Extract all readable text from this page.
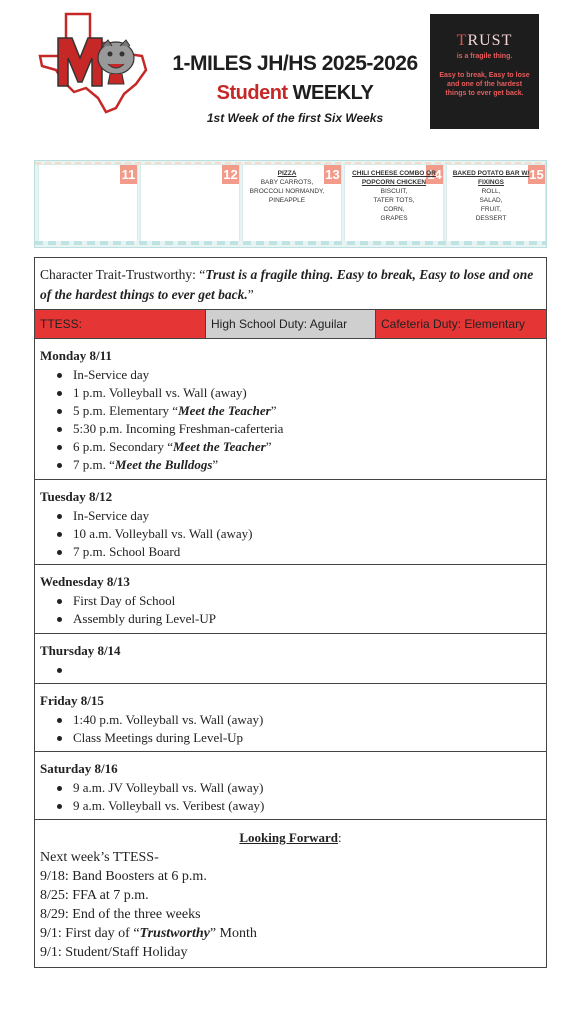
1-MILES JH/HS 2025-2026
Student WEEKLY
1st Week of the first Six Weeks
TRUST
is a fragile thing.
Easy to break, Easy to lose and one of the hardest things to ever get back.
11	12	13
PIZZA
BABY CARROTS,
BROCCOLI NORMANDY,
PINEAPPLE
14
CHILI CHEESE COMBO OR POPCORN CHICKEN
BISCUIT,
TATER TOTS,
CORN,
GRAPES
15
BAKED POTATO BAR W/ FIXINGS
ROLL,
SALAD,
FRUIT,
DESSERT
Character Trait-Trustworthy: “Trust is a fragile thing. Easy to break, Easy to lose and one of the hardest things to ever get back.”
TTESS:	High School Duty: Aguilar	Cafeteria Duty: Elementary
Monday 8/11
In-Service day
1 p.m. Volleyball vs. Wall (away)
5 p.m. Elementary “Meet the Teacher”
5:30 p.m. Incoming Freshman-caferteria
6 p.m. Secondary “Meet the Teacher”
7 p.m. “Meet the Bulldogs”
Tuesday 8/12
In-Service day
10 a.m. Volleyball vs. Wall (away)
7 p.m. School Board
Wednesday 8/13
First Day of School
Assembly during Level-UP
Thursday 8/14
Friday 8/15
1:40 p.m. Volleyball vs. Wall (away)
Class Meetings during Level-Up
Saturday 8/16
9 a.m. JV Volleyball vs. Wall (away)
9 a.m. Volleyball vs. Veribest (away)
Looking Forward:
Next week’s TTESS-
9/18: Band Boosters at 6 p.m.
8/25: FFA at 7 p.m.
8/29: End of the three weeks
9/1: First day of “Trustworthy” Month
9/1: Student/Staff Holiday
